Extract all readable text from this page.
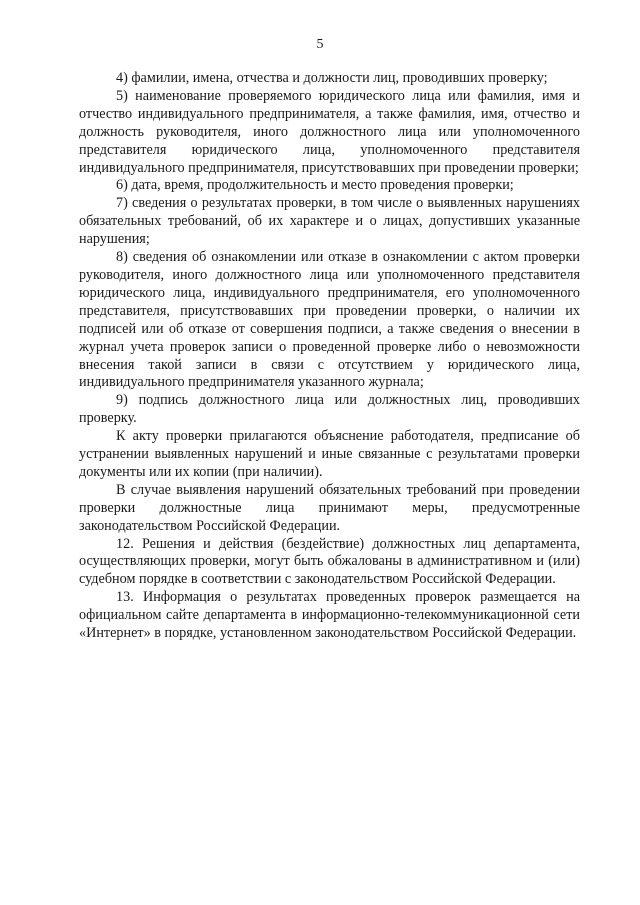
5

4) фамилии, имена, отчества и должности лиц, проводивших проверку;

5) наименование проверяемого юридического лица или фамилия, имя и отчество индивидуального предпринимателя, а также фамилия, имя, отчество и должность руководителя, иного должностного лица или уполномоченного представителя юридического лица, уполномоченного представителя индивидуального предпринимателя, присутствовавших при проведении проверки;

6) дата, время, продолжительность и место проведения проверки;

7) сведения о результатах проверки, в том числе о выявленных нарушениях обязательных требований, об их характере и о лицах, допустивших указанные нарушения;

8) сведения об ознакомлении или отказе в ознакомлении с актом проверки руководителя, иного должностного лица или уполномоченного представителя юридического лица, индивидуального предпринимателя, его уполномоченного представителя, присутствовавших при проведении проверки, о наличии их подписей или об отказе от совершения подписи, а также сведения о внесении в журнал учета проверок записи о проведенной проверке либо о невозможности внесения такой записи в связи с отсутствием у юридического лица, индивидуального предпринимателя указанного журнала;

9) подпись должностного лица или должностных лиц, проводивших проверку.

К акту проверки прилагаются объяснение работодателя, предписание об устранении выявленных нарушений и иные связанные с результатами проверки документы или их копии (при наличии).

В случае выявления нарушений обязательных требований при проведении проверки должностные лица принимают меры, предусмотренные законодательством Российской Федерации.

12. Решения и действия (бездействие) должностных лиц департамента, осуществляющих проверки, могут быть обжалованы в административном и (или) судебном порядке в соответствии с законодательством Российской Федерации.

13. Информация о результатах проведенных проверок размещается на официальном сайте департамента в информационно-телекоммуникационной сети «Интернет» в порядке, установленном законодательством Российской Федерации.
